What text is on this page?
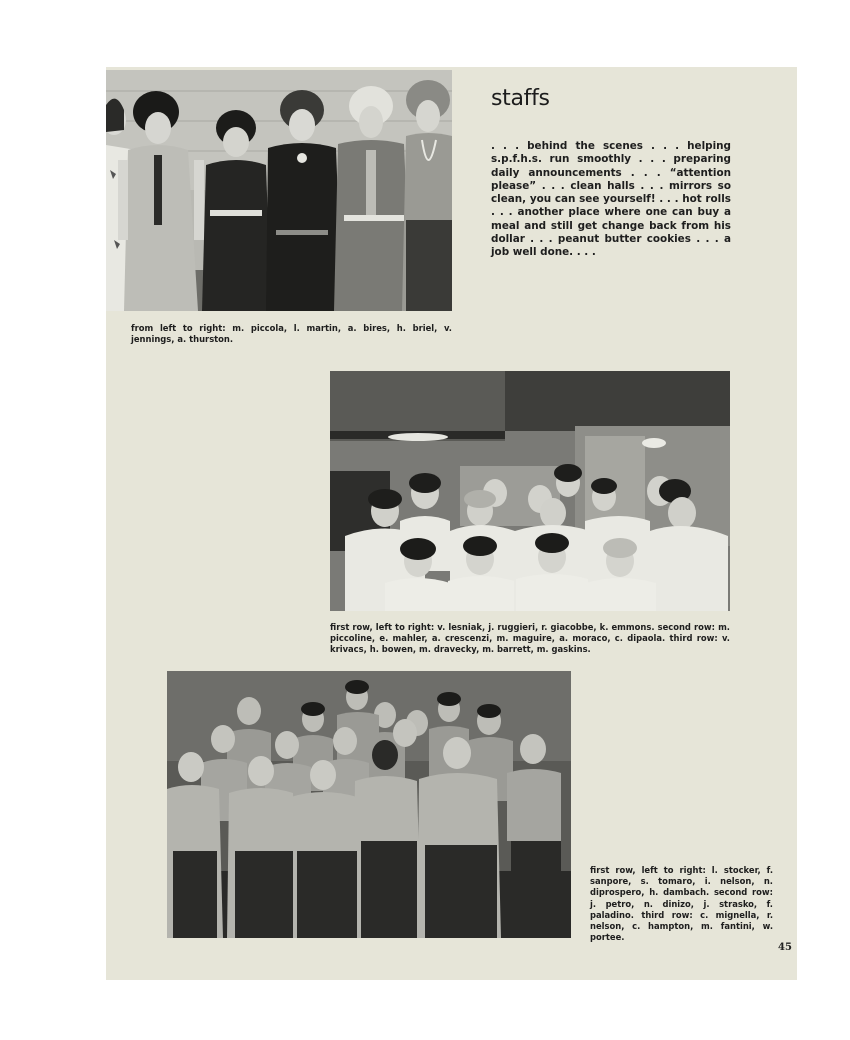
staffs

. . . behind the scenes . . . helping s.p.f.h.s. run smoothly . . . preparing daily announcements . . . “attention please” . . . clean halls . . . mirrors so clean, you can see yourself! . . . hot rolls . . . another place where one can buy a meal and still get change back from his dollar . . . peanut butter cookies . . . a job well done. . . .

from left to right: m. piccola, l. martin, a. bires, h. briel, v. jennings, a. thurston.

first row, left to right: v. lesniak, j. ruggieri, r. giacobbe, k. emmons. second row: m. piccoline, e. mahler, a. crescenzi, m. maguire, a. moraco, c. dipaola. third row: v. krivacs, h. bowen, m. dravecky, m. barrett, m. gaskins.

first row, left to right: l. stocker, f. sanpore, s. tomaro, i. nelson, n. diprospero, h. dambach. second row: j. petro, n. dinizo, j. strasko, f. paladino. third row: c. mignella, r. nelson, c. hampton, m. fantini, w. portee.

45
